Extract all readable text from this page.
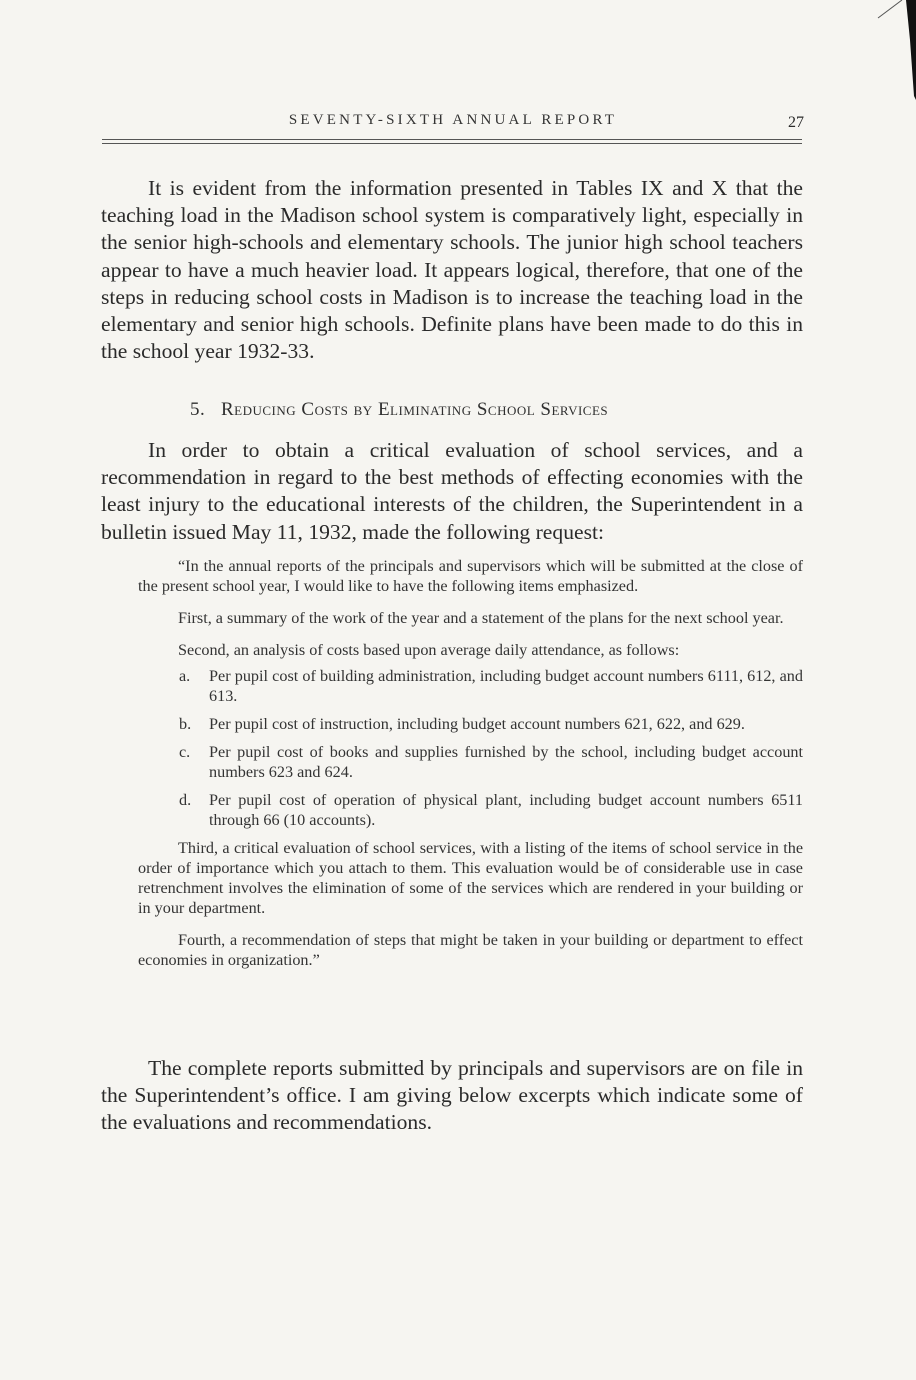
SEVENTY-SIXTH ANNUAL REPORT	27

It is evident from the information presented in Tables IX and X that the teaching load in the Madison school system is comparatively light, especially in the senior high-schools and elementary schools. The junior high school teachers appear to have a much heavier load. It appears logical, therefore, that one of the steps in reducing school costs in Madison is to increase the teaching load in the elementary and senior high schools. Definite plans have been made to do this in the school year 1932-33.

5. Reducing Costs by Eliminating School Services

In order to obtain a critical evaluation of school services, and a recommendation in regard to the best methods of effecting economies with the least injury to the educational interests of the children, the Superintendent in a bulletin issued May 11, 1932, made the following request:

“In the annual reports of the principals and supervisors which will be submitted at the close of the present school year, I would like to have the following items emphasized.

First, a summary of the work of the year and a statement of the plans for the next school year.

Second, an analysis of costs based upon average daily attendance, as follows:

a.	Per pupil cost of building administration, including budget account numbers 6111, 612, and 613.
b.	Per pupil cost of instruction, including budget account numbers 621, 622, and 629.
c.	Per pupil cost of books and supplies furnished by the school, including budget account numbers 623 and 624.
d.	Per pupil cost of operation of physical plant, including budget account numbers 6511 through 66 (10 accounts).

Third, a critical evaluation of school services, with a listing of the items of school service in the order of importance which you attach to them. This evaluation would be of considerable use in case retrenchment involves the elimination of some of the services which are rendered in your building or in your department.

Fourth, a recommendation of steps that might be taken in your building or department to effect economies in organization.”

The complete reports submitted by principals and supervisors are on file in the Superintendent’s office. I am giving below excerpts which indicate some of the evaluations and recommendations.
